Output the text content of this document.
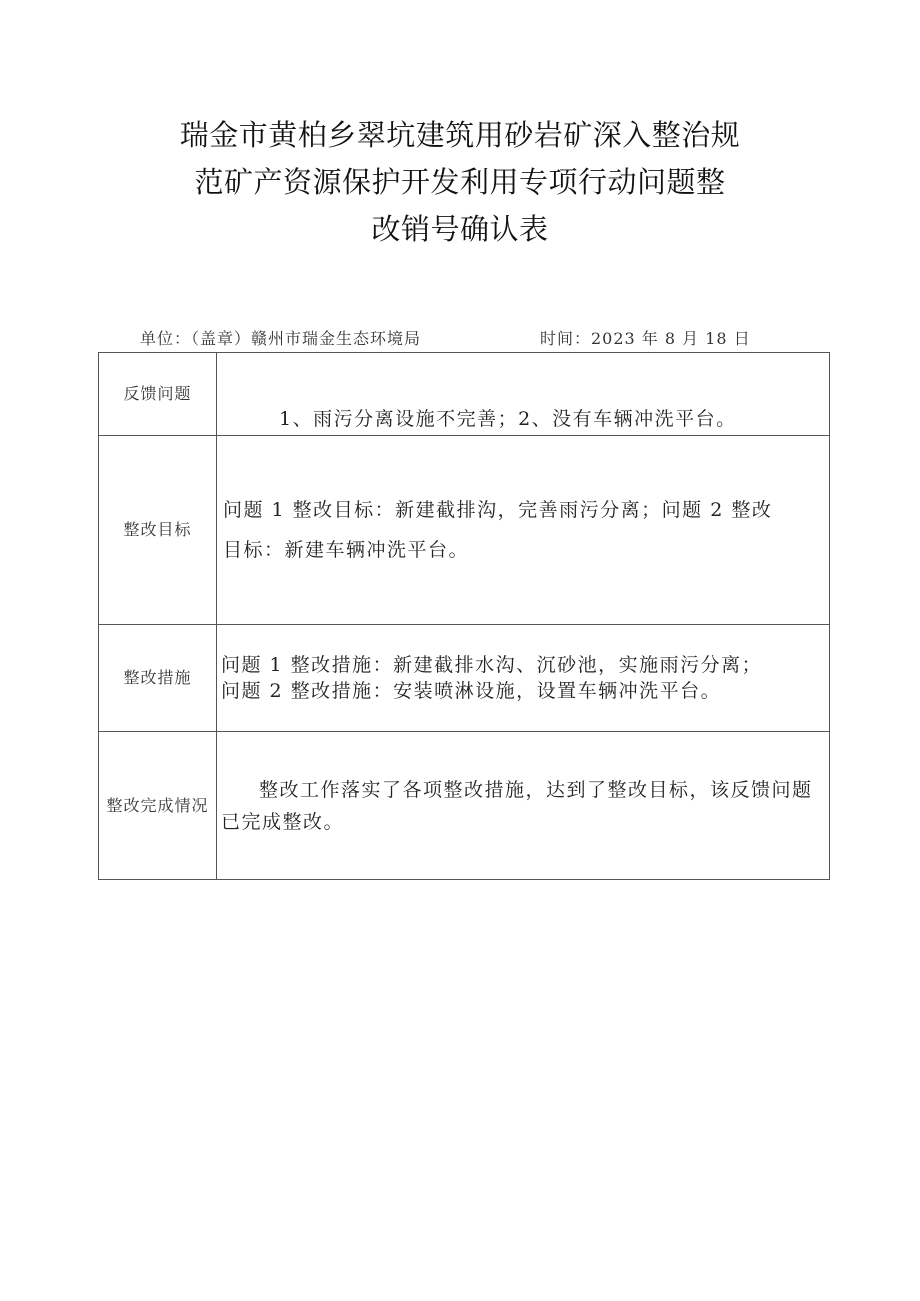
瑞金市黄柏乡翠坑建筑用砂岩矿深入整治规
范矿产资源保护开发利用专项行动问题整
改销号确认表
单位：（盖章）赣州市瑞金生态环境局	时间：2023 年 8 月 18 日
反馈问题	1、雨污分离设施不完善；2、没有车辆冲洗平台。

整改目标	问题 1 整改目标：新建截排沟，完善雨污分离；问题 2 整改
目标：新建车辆冲洗平台。

整改措施	问题 1 整改措施：新建截排水沟、沉砂池，实施雨污分离；
问题 2 整改措施：安装喷淋设施，设置车辆冲洗平台。

整改完成情况	整改工作落实了各项整改措施，达到了整改目标，该反馈问题已完成整改。
